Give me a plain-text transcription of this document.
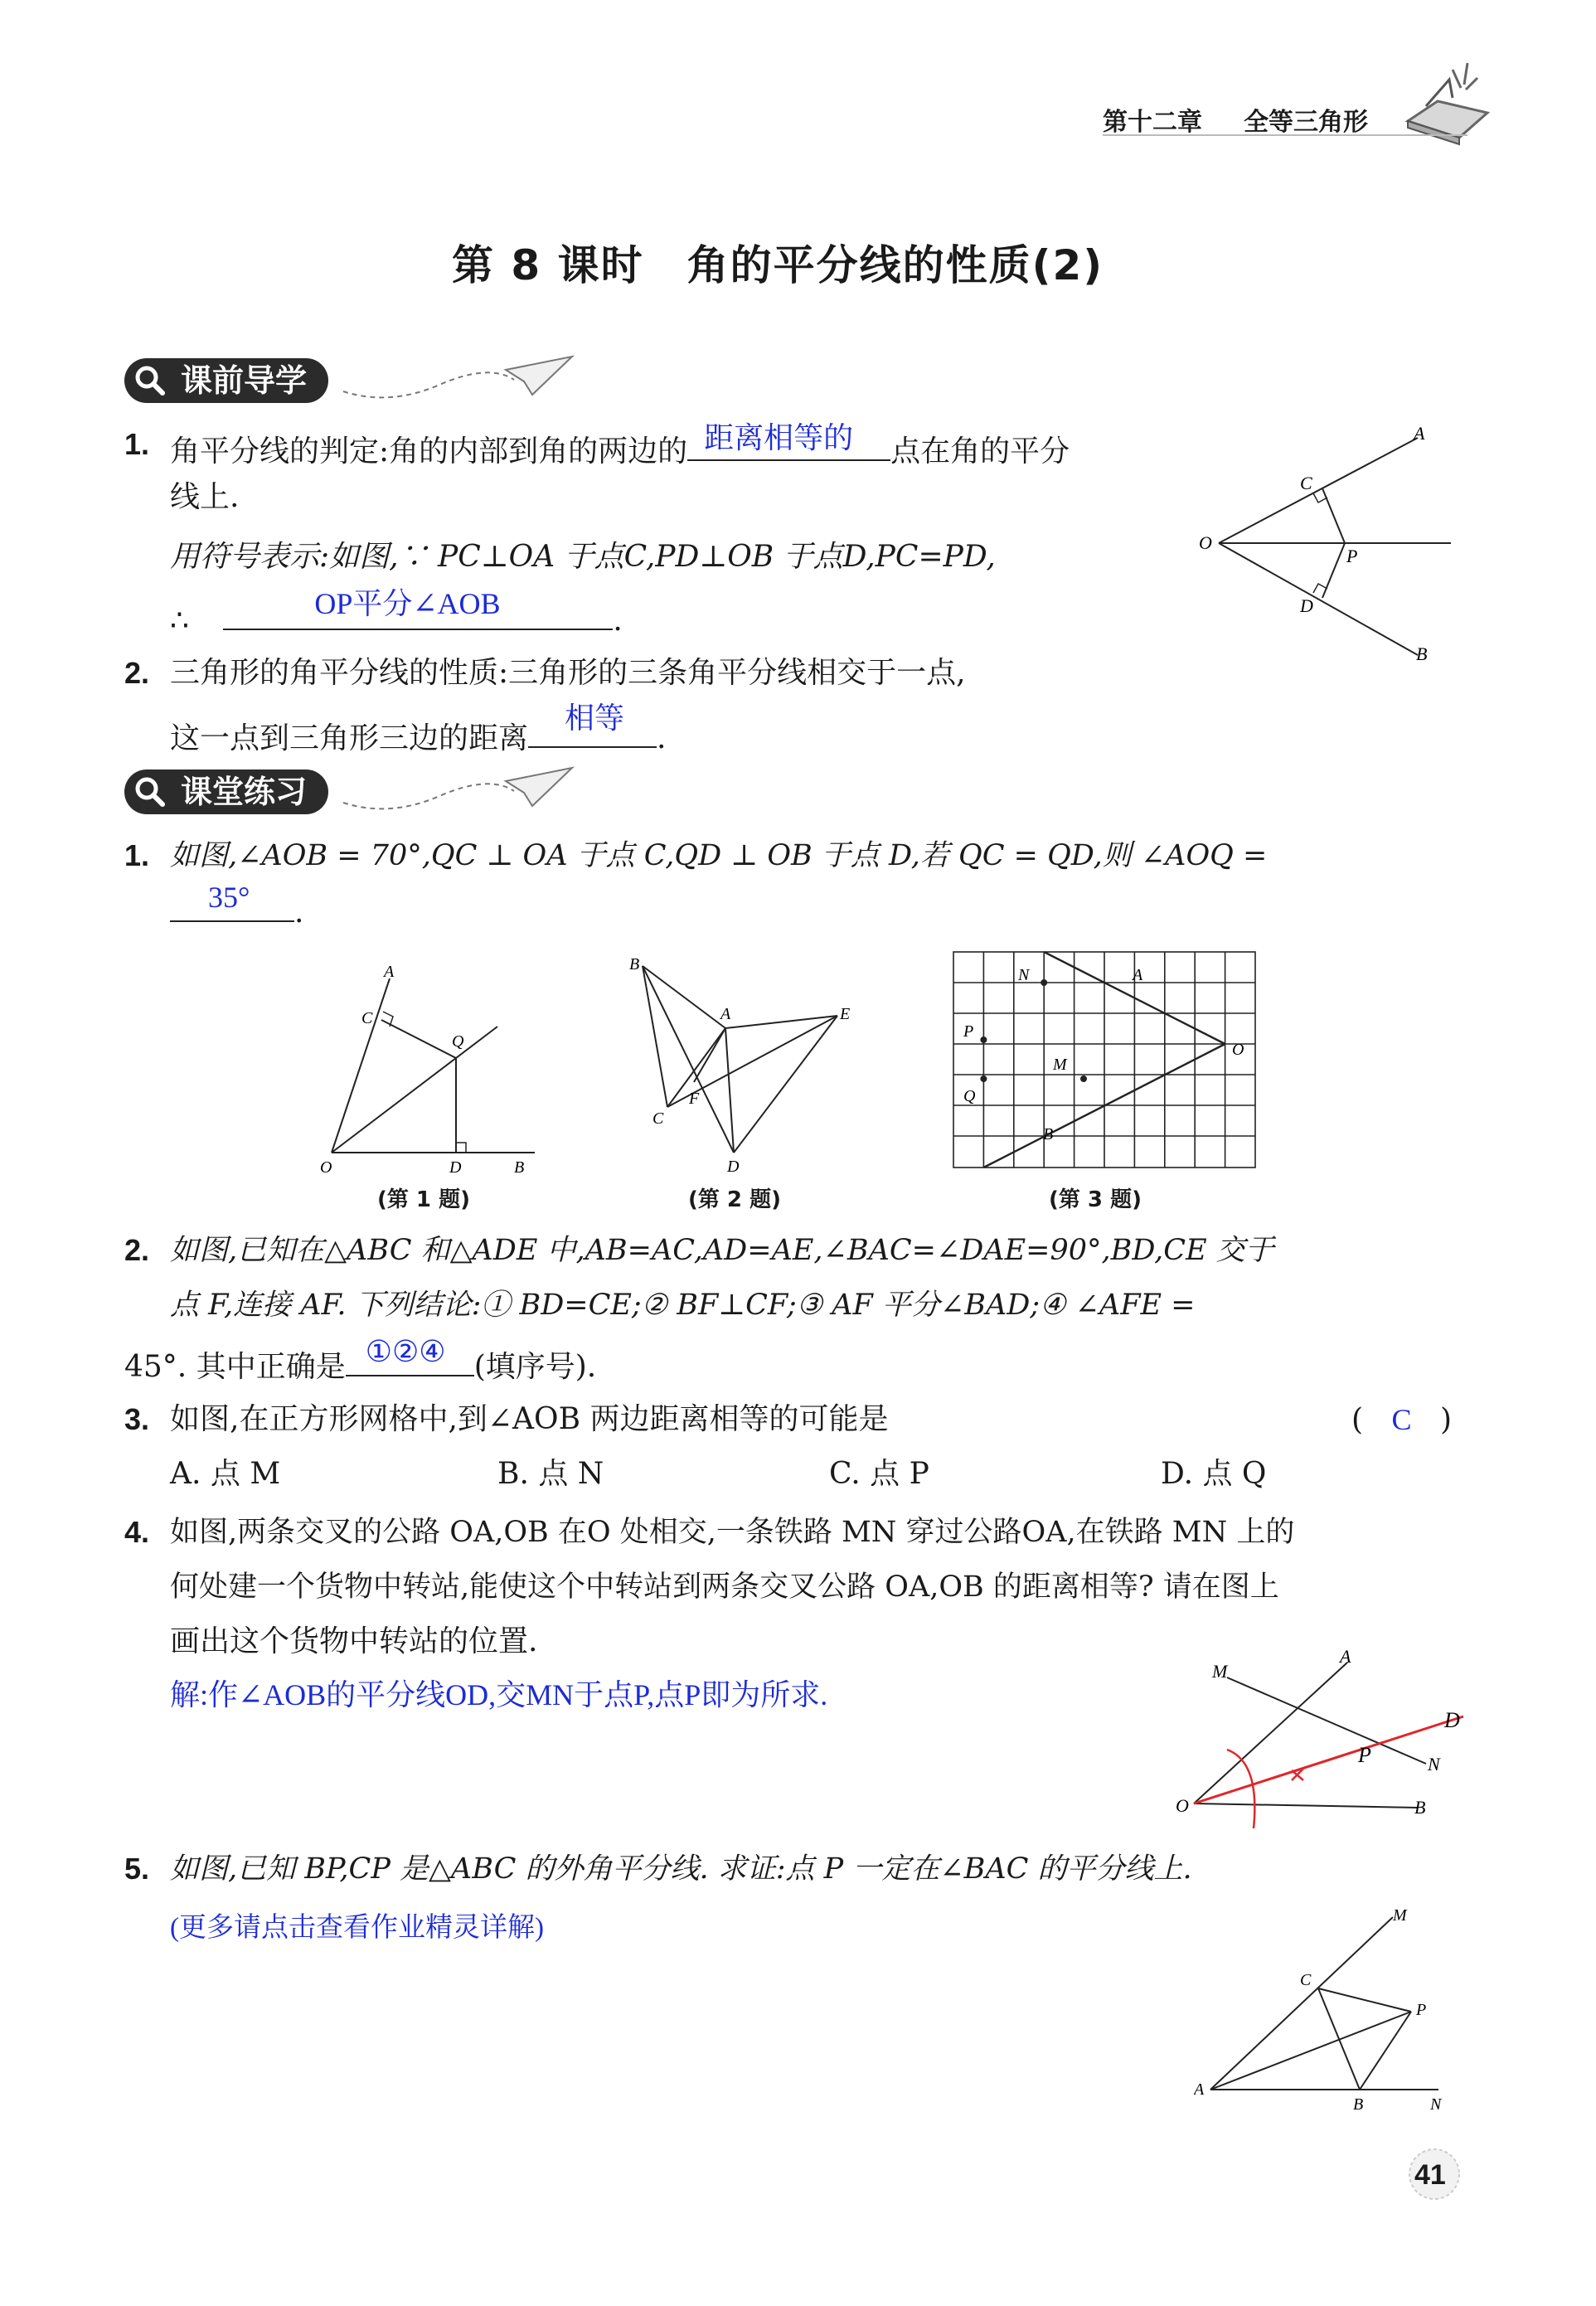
第十二章 全等三角形
第 8 课时　角的平分线的性质(2)
课前导学
1. 角平分线的判定:角的内部到角的两边的 距离相等的 点在角的平分
线上.
用符号表示:如图,∵ PC⊥OA 于点C,PD⊥OB 于点D,PC=PD,
∴	OP平分∠AOB	.
A
C
O
P
D
B
2. 三角形的角平分线的性质:三角形的三条角平分线相交于一点,
这一点到三角形三边的距离
相等
.
课堂练习
1. 如图,∠AOB = 70°,QC ⊥ OA 于点 C,QD ⊥ OB 于点 D,若 QC = QD,则 ∠AOQ =
35° .
A
C
Q
O	D	B
(第 1 题)
B
A	E
C
F
D
(第 2 题)
N	A
P
M
O
Q
B
(第 3 题)
2. 如图,已知在△ABC 和△ADE 中,AB=AC,AD=AE,∠BAC=∠DAE=90°,BD,CE 交于
点 F,连接 AF. 下列结论:① BD=CE;② BF⊥CF;③ AF 平分∠BAD;④ ∠AFE =
45°. 其中正确是 ①②④ (填序号).
3. 如图,在正方形网格中,到∠AOB 两边距离相等的可能是	( C )
A. 点 M	B. 点 N	C. 点 P	D. 点 Q
4. 如图,两条交叉的公路 OA,OB 在O 处相交,一条铁路 MN 穿过公路OA,在铁路 MN 上的
何处建一个货物中转站,能使这个中转站到两条交叉公路 OA,OB 的距离相等? 请在图上
画出这个货物中转站的位置.
解:作∠AOB的平分线OD,交MN于点P,点P即为所求.
M
A
D
P	N
O	B
5. 如图,已知 BP,CP 是△ABC 的外角平分线. 求证:点 P 一定在∠BAC 的平分线上.
(更多请点击查看作业精灵详解)	M
C
P
A
B	N
41
